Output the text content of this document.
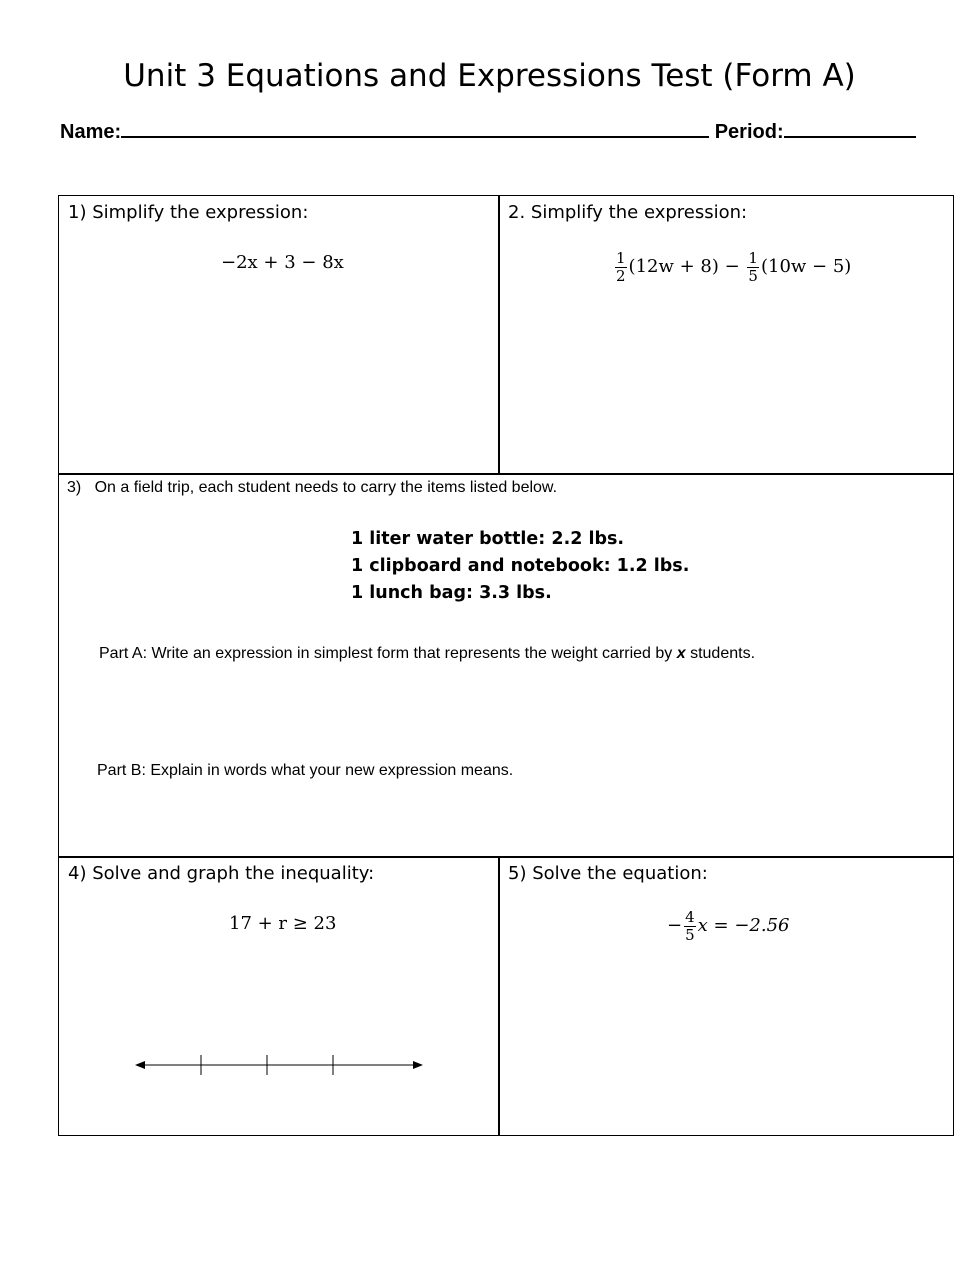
Unit 3 Equations and Expressions Test (Form A)
Name:	Period:
1) Simplify the expression:
−2x + 3 − 8x
2. Simplify the expression:
$\frac{1}{2} (12w + 8) - \frac{1}{5} (10w - 5)$
3) On a field trip, each student needs to carry the items listed below.
1 liter water bottle: 2.2 lbs.
1 clipboard and notebook: 1.2 lbs.
1 lunch bag: 3.3 lbs.
Part A: Write an expression in simplest form that represents the weight carried by x students.
Part B: Explain in words what your new expression means.
4) Solve and graph the inequality:
17 + r ≥ 23
5) Solve the equation:
− $\frac{4}{5}$ x = −2.56
